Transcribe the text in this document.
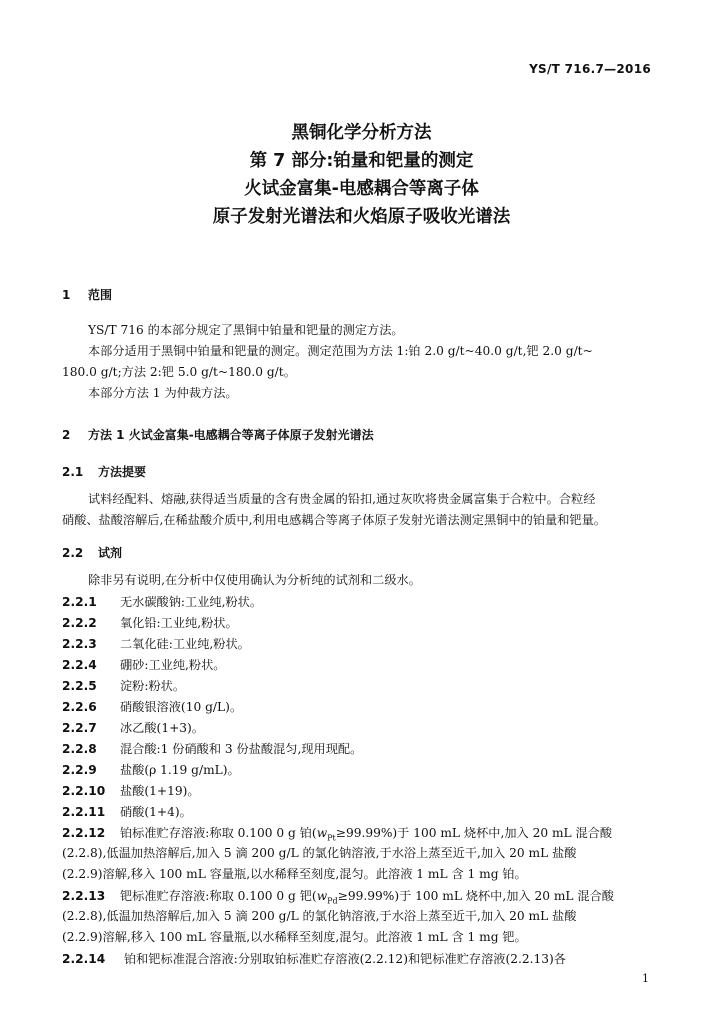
YS/T 716.7—2016
黑铜化学分析方法
第 7 部分:铂量和钯量的测定
火试金富集-电感耦合等离子体
原子发射光谱法和火焰原子吸收光谱法
1 范围
YS/T 716 的本部分规定了黑铜中铂量和钯量的测定方法。
本部分适用于黑铜中铂量和钯量的测定。测定范围为方法 1:铂 2.0 g/t~40.0 g/t,钯 2.0 g/t~
180.0 g/t;方法 2:钯 5.0 g/t~180.0 g/t。
本部分方法 1 为仲裁方法。
2 方法 1 火试金富集-电感耦合等离子体原子发射光谱法
2.1 方法提要
试料经配料、熔融,获得适当质量的含有贵金属的铅扣,通过灰吹将贵金属富集于合粒中。合粒经
硝酸、盐酸溶解后,在稀盐酸介质中,利用电感耦合等离子体原子发射光谱法测定黑铜中的铂量和钯量。
2.2 试剂
除非另有说明,在分析中仅使用确认为分析纯的试剂和二级水。
2.2.1 无水碳酸钠:工业纯,粉状。
2.2.2 氧化铅:工业纯,粉状。
2.2.3 二氧化硅:工业纯,粉状。
2.2.4 硼砂:工业纯,粉状。
2.2.5 淀粉:粉状。
2.2.6 硝酸银溶液(10 g/L)。
2.2.7 冰乙酸(1+3)。
2.2.8 混合酸:1 份硝酸和 3 份盐酸混匀,现用现配。
2.2.9 盐酸(ρ 1.19 g/mL)。
2.2.10 盐酸(1+19)。
2.2.11 硝酸(1+4)。
2.2.12 铂标准贮存溶液:称取 0.100 0 g 铂$(w_{Pt}\ge 99.99\%)$于 100 mL 烧杯中,加入 20 mL 混合酸
(2.2.8),低温加热溶解后,加入 5 滴 200 g/L 的氯化钠溶液,于水浴上蒸至近干,加入 20 mL 盐酸
(2.2.9)溶解,移入 100 mL 容量瓶,以水稀释至刻度,混匀。此溶液 1 mL 含 1 mg 铂。
2.2.13 钯标准贮存溶液:称取 0.100 0 g 钯$(w_{Pd}\ge 99.99\%)$于 100 mL 烧杯中,加入 20 mL 混合酸
(2.2.8),低温加热溶解后,加入 5 滴 200 g/L 的氯化钠溶液,于水浴上蒸至近干,加入 20 mL 盐酸
(2.2.9)溶解,移入 100 mL 容量瓶,以水稀释至刻度,混匀。此溶液 1 mL 含 1 mg 钯。
2.2.14 铂和钯标准混合溶液:分别取铂标准贮存溶液(2.2.12)和钯标准贮存溶液(2.2.13)各
1
